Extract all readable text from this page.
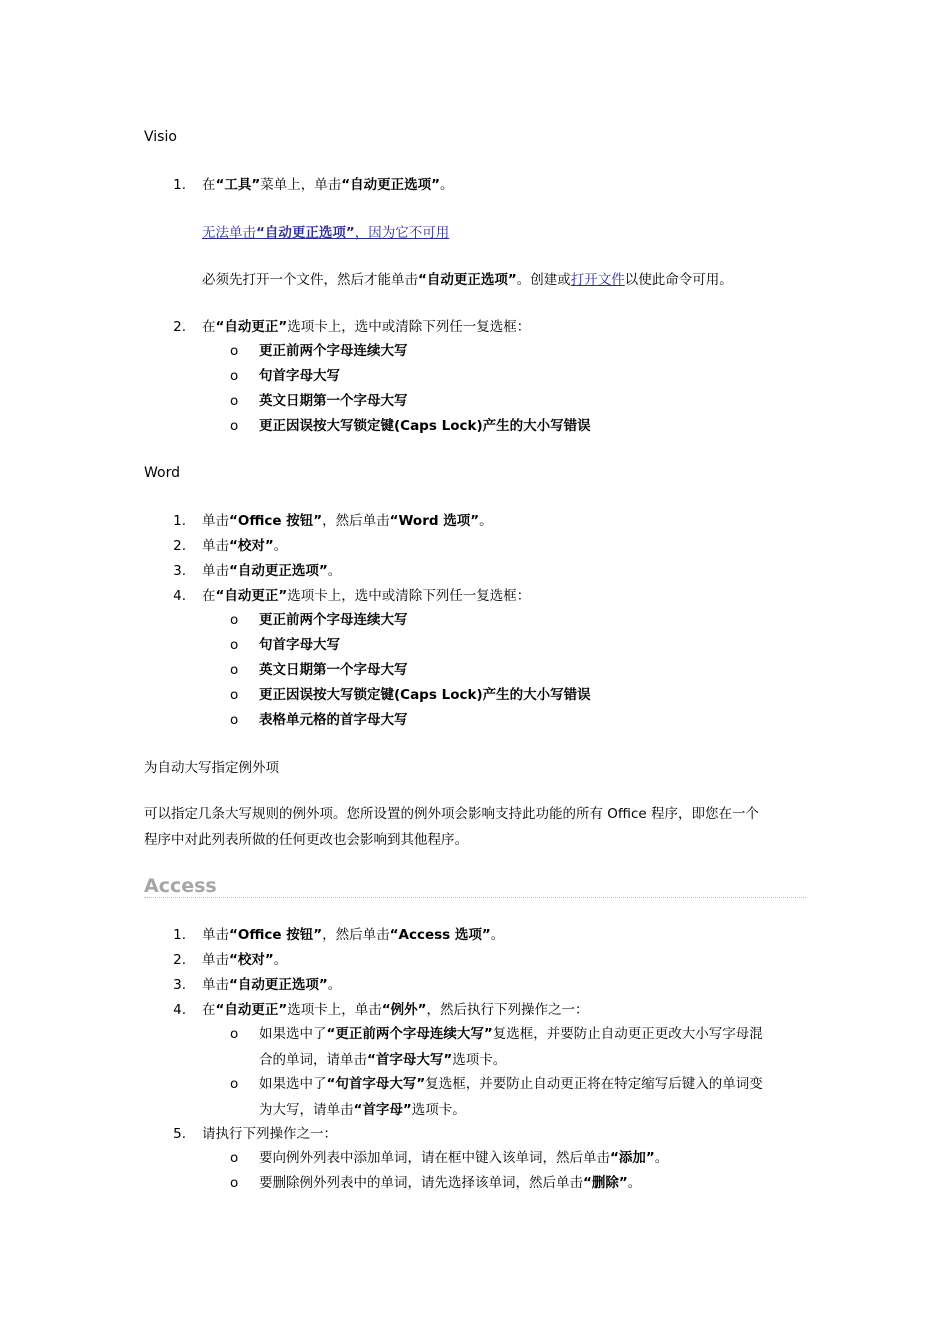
Visio
1. 在“工具”菜单上，单击“自动更正选项”。
无法单击“自动更正选项”，因为它不可用
必须先打开一个文件，然后才能单击“自动更正选项”。创建或打开文件以使此命令可用。
2. 在“自动更正”选项卡上，选中或清除下列任一复选框：
o 更正前两个字母连续大写
o 句首字母大写
o 英文日期第一个字母大写
o 更正因误按大写锁定键(Caps Lock)产生的大小写错误
Word
1. 单击“Office 按钮”，然后单击“Word 选项”。
2. 单击“校对”。
3. 单击“自动更正选项”。
4. 在“自动更正”选项卡上，选中或清除下列任一复选框：
o 更正前两个字母连续大写
o 句首字母大写
o 英文日期第一个字母大写
o 更正因误按大写锁定键(Caps Lock)产生的大小写错误
o 表格单元格的首字母大写
为自动大写指定例外项
可以指定几条大写规则的例外项。您所设置的例外项会影响支持此功能的所有 Office 程序，即您在一个
程序中对此列表所做的任何更改也会影响到其他程序。
Access
1. 单击“Office 按钮”，然后单击“Access 选项”。
2. 单击“校对”。
3. 单击“自动更正选项”。
4. 在“自动更正”选项卡上，单击“例外”，然后执行下列操作之一：
o 如果选中了“更正前两个字母连续大写”复选框，并要防止自动更正更改大小写字母混
合的单词，请单击“首字母大写”选项卡。
o 如果选中了“句首字母大写”复选框，并要防止自动更正将在特定缩写后键入的单词变
为大写，请单击“首字母”选项卡。
5. 请执行下列操作之一：
o 要向例外列表中添加单词，请在框中键入该单词，然后单击“添加”。
o 要删除例外列表中的单词，请先选择该单词，然后单击“删除”。
